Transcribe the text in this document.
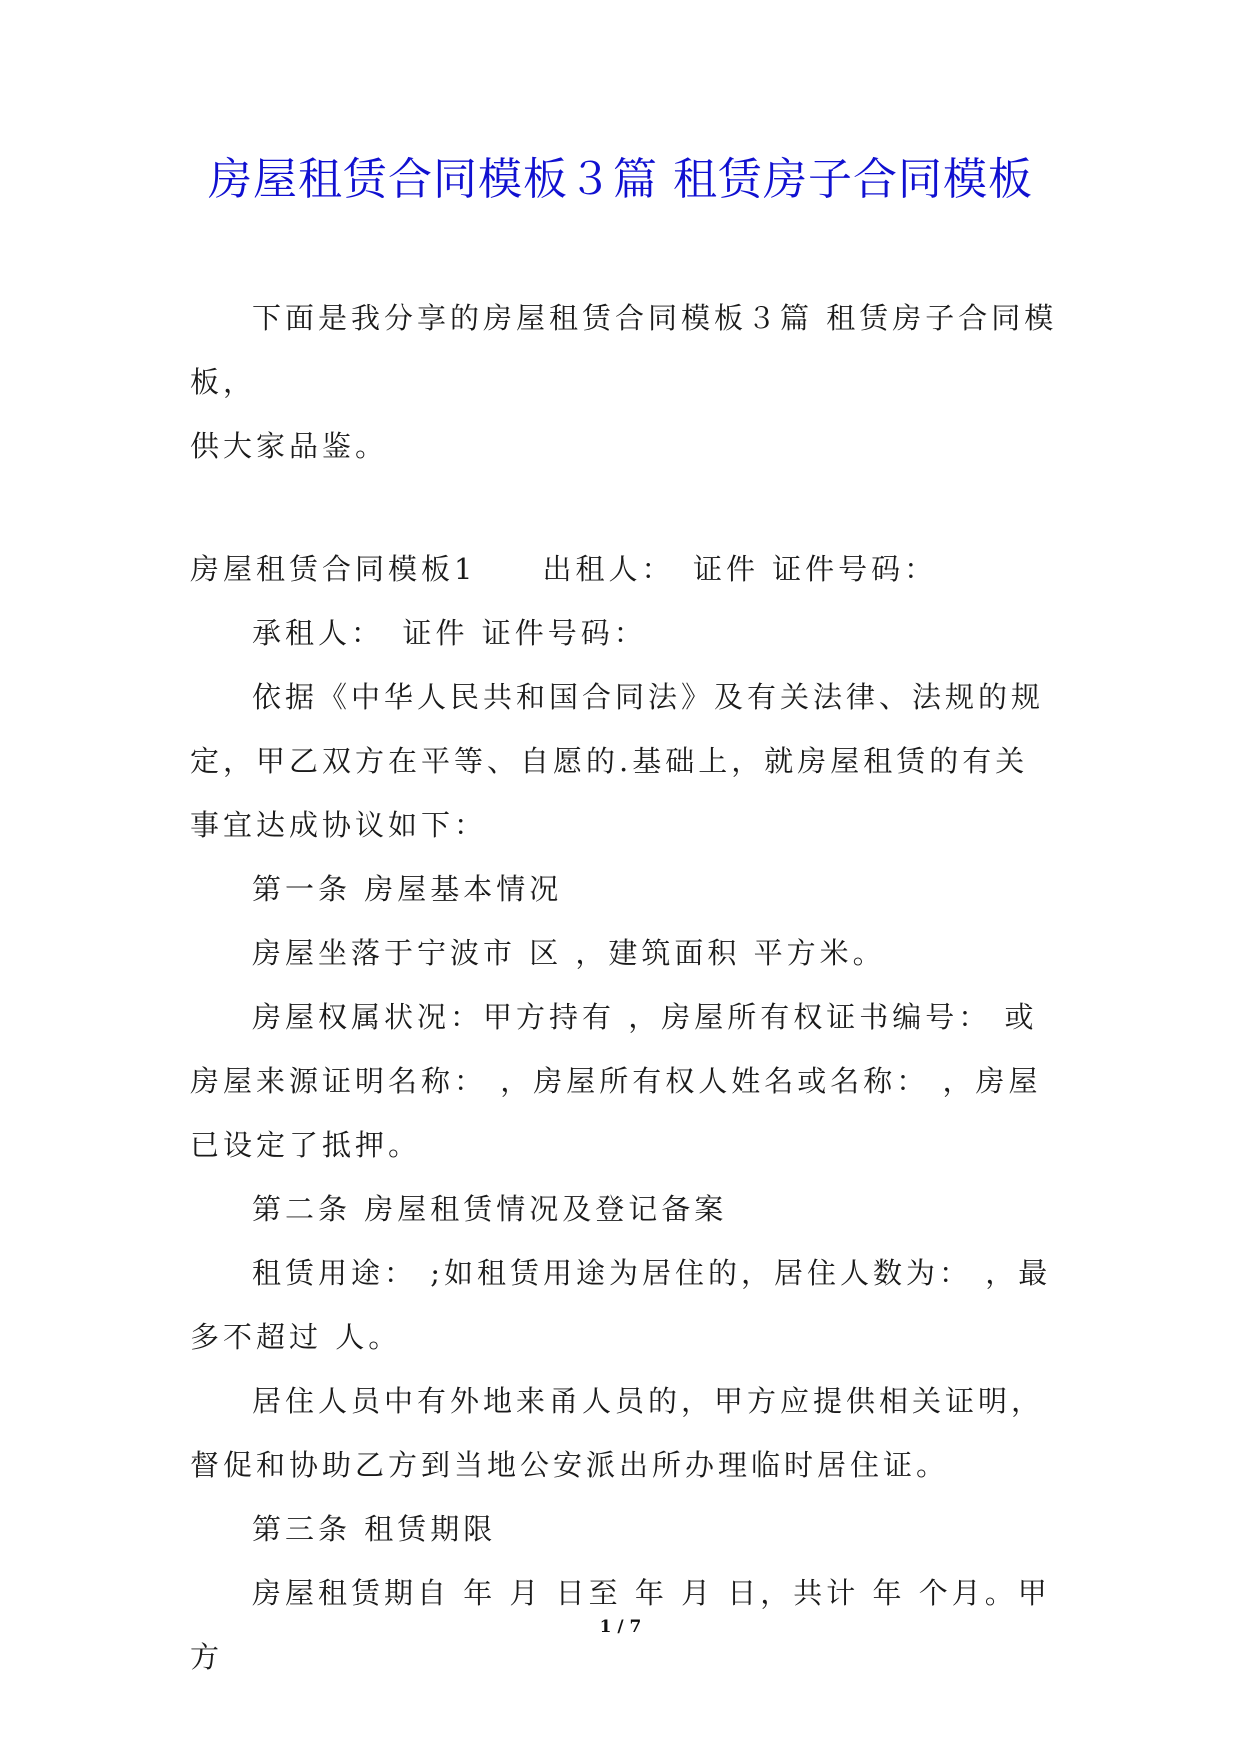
房屋租赁合同模板３篇 租赁房子合同模板

下面是我分享的房屋租赁合同模板３篇 租赁房子合同模板，

供大家品鉴。

房屋租赁合同模板1　　出租人：　证件 证件号码：

承租人：　证件 证件号码：

依据《中华人民共和国合同法》及有关法律、法规的规定，甲乙双方在平等、自愿的.基础上，就房屋租赁的有关事宜达成协议如下：

第一条 房屋基本情况

房屋坐落于宁波市 区 ，建筑面积 平方米。

房屋权属状况：甲方持有 ，房屋所有权证书编号： 或房屋来源证明名称： ，房屋所有权人姓名或名称： ，房屋 已设定了抵押。

第二条 房屋租赁情况及登记备案

租赁用途： ;如租赁用途为居住的，居住人数为： ，最多不超过 人。

居住人员中有外地来甬人员的，甲方应提供相关证明，督促和协助乙方到当地公安派出所办理临时居住证。

第三条 租赁期限

房屋租赁期自 年 月 日至 年 月 日，共计 年 个月。甲方

1 / 7
